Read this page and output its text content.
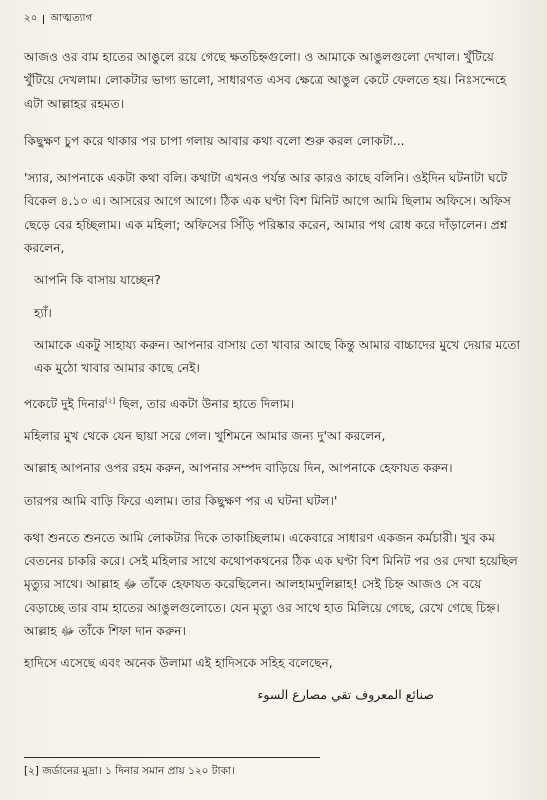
২০ আত্মত্যাগ

আজও ওর বাম হাতের আঙুলে রয়ে গেছে ক্ষতচিহ্নগুলো। ও আমাকে আঙুলগুলো দেখাল। খুঁটিয়ে খুঁটিয়ে দেখলাম। লোকটার ভাগ্য ভালো, সাধারণত এসব ক্ষেত্রে আঙুল কেটে ফেলতে হয়। নিঃসন্দেহে এটা আল্লাহর রহমত।

কিছুক্ষণ চুপ করে থাকার পর চাপা গলায় আবার কথা বলো শুরু করল লোকটা...

'স্যার, আপনাকে একটা কথা বলি। কথাটা এখনও পর্যন্ত আর কারও কাছে বলিনি। ওইদিন ঘটনাটা ঘটে বিকেল ৪.১০ এ। আসরের আগে আগে। ঠিক এক ঘণ্টা বিশ মিনিট আগে আমি ছিলাম অফিসে। অফিস ছেড়ে বের হচ্ছিলাম। এক মহিলা; অফিসের সিঁড়ি পরিষ্কার করেন, আমার পথ রোধ করে দাঁড়ালেন। প্রশ্ন করলেন,

আপনি কি বাসায় যাচ্ছেন?

হ্যাঁ।

আমাকে একটু সাহায্য করুন। আপনার বাসায় তো খাবার আছে কিন্তু আমার বাচ্চাদের মুখে দেয়ার মতো এক মুঠো খাবার আমার কাছে নেই।

পকেটে দুই দিনার[২] ছিল, তার একটা উনার হাতে দিলাম।

মহিলার মুখ থেকে যেন ছায়া সরে গেল। খুশিমনে আমার জন্য দু'আ করলেন,

আল্লাহ আপনার ওপর রহম করুন, আপনার সম্পদ বাড়িয়ে দিন, আপনাকে হেফাযত করুন।

তারপর আমি বাড়ি ফিরে এলাম। তার কিছুক্ষণ পর এ ঘটনা ঘটল।'

কথা শুনতে শুনতে আমি লোকটার দিকে তাকাচ্ছিলাম। একেবারে সাধারণ একজন কর্মচারী। খুব কম বেতনের চাকরি করে। সেই মহিলার সাথে কথোপকথনের ঠিক এক ঘণ্টা বিশ মিনিট পর ওর দেখা হয়েছিল মৃত্যুর সাথে। আল্লাহ ﷻ তাঁকে হেফাযত করেছিলেন। আলহামদুলিল্লাহ! সেই চিহ্ন আজও সে বয়ে বেড়াচ্ছে তার বাম হাতের আঙুলগুলোতে। যেন মৃত্যু ওর সাথে হাত মিলিয়ে গেছে, রেখে গেছে চিহ্ন। আল্লাহ ﷻ তাঁকে শিফা দান করুন।

হাদিসে এসেছে এবং অনেক উলামা এই হাদিসকে সহিহ বলেছেন,

صنائع المعروف تقي مصارع السوء

[২] জর্ডানের মুদ্রা। ১ দিনার সমান প্রায় ১২০ টাকা।
